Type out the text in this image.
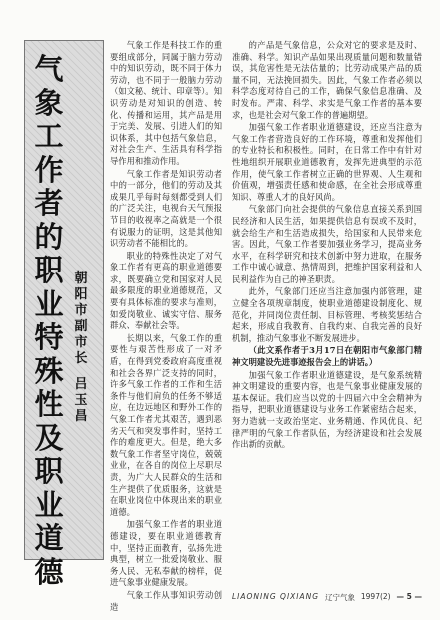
气
象
工
作
者
的
职
业
特
殊
性
及
职
业
道
德
朝
阳
市
副
市
长
吕
玉
昌

气象工作是科技工作的重要组成部分，同属于脑力劳动中的知识劳动，既不同于体力劳动，也不同于一般脑力劳动（如文秘、统计、印章等）。知识劳动是对知识的创造、转化、传播和运用，其产品是用于完美、发展、引进人们的知识体系，其中包括气象信息，对社会生产、生活具有科学指导作用和推动作用。

气象工作者是知识劳动者中的一部分，他们的劳动及其成果几乎每时每刻都受到人们的广泛关注，电视台天气预报节目的收视率之高就是一个很有说服力的证明，这是其他知识劳动者不能相比的。

职业的特殊性决定了对气象工作者有更高的职业道德要求，既要确立党和国家对人民最多限度的职业道德规范，又要有具体标准的要求与准则，如爱岗敬业、诚实守信、服务群众、奉献社会等。

长期以来，气象工作的重要性与艰苦性形成了一对矛盾，在得到党委政府高度重视和社会各界广泛支持的同时，许多气象工作者的工作和生活条件与他们肩负的任务不够适应，在边远地区和野外工作的气象工作者尤其艰苦，遇到恶劣天气和突发事件时，坚持工作的难度更大。但是，绝大多数气象工作者坚守岗位，兢兢业业，在各自的岗位上尽职尽责，为广大人民群众的生活和生产提供了优质服务，这就是在职业岗位中体现出来的职业道德。

加强气象工作者的职业道德建设，要在职业道德教育中，坚持正面教育，弘扬先进典型，树立一批爱岗敬业、服务人民、无私奉献的榜样，促进气象事业健康发展。

气象工作从事知识劳动创造

的产品是气象信息，公众对它的要求是及时、准确、科学。知识产品如果出现质量问题和数量错误，其危害性是无法估量的；比劳动成果产品的质量不同，无法挽回损失。因此，气象工作者必须以科学态度对待自己的工作，确保气象信息准确、及时发布。严肃、科学、求实是气象工作者的基本要求，也是社会对气象工作的普遍期望。

加强气象工作者职业道德建设，还应当注意为气象工作者营造良好的工作环境，尊重和发挥他们的专业特长和积极性。同时，在日常工作中有针对性地组织开展职业道德教育，发挥先进典型的示范作用，使气象工作者树立正确的世界观、人生观和价值观，增强责任感和使命感，在全社会形成尊重知识、尊重人才的良好风尚。

气象部门向社会提供的气象信息直接关系到国民经济和人民生活，如果提供信息有误或不及时，就会给生产和生活造成损失，给国家和人民带来危害。因此，气象工作者要加强业务学习，提高业务水平，在科学研究和技术创新中努力进取，在服务工作中诚心诚意、热情周到，把维护国家利益和人民利益作为自己的神圣职责。

此外，气象部门还应当注意加强内部管理，建立健全各项规章制度，使职业道德建设制度化、规范化，并同岗位责任制、目标管理、考核奖惩结合起来，形成自我教育、自我约束、自我完善的良好机制，推动气象事业不断发展进步。

（此文系作者于3月17日在朝阳市气象部门精神文明建设先进事迹报告会上的讲话。）

加强气象工作者职业道德建设，是气象系统精神文明建设的重要内容，也是气象事业健康发展的基本保证。我们应当以党的十四届六中全会精神为指导，把职业道德建设与业务工作紧密结合起来，努力造就一支政治坚定、业务精通、作风优良、纪律严明的气象工作者队伍，为经济建设和社会发展作出新的贡献。

LIAONING QIXIANG 辽宁气象 1997(2) — 5 —
